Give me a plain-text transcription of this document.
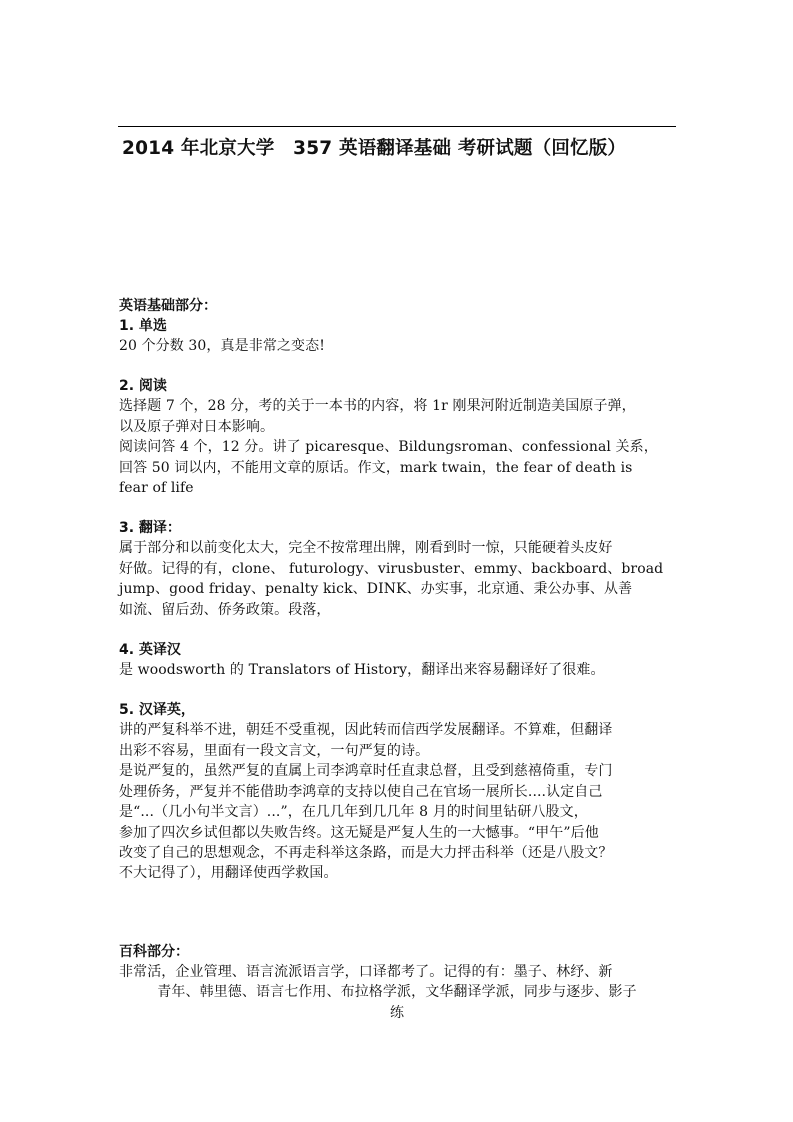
2014 年北京大学　357 英语翻译基础 考研试题（回忆版）
英语基础部分：
1. 单选
20 个分数 30，真是非常之变态!
2. 阅读
选择题 7 个，28 分，考的关于一本书的内容，将 1r 刚果河附近制造美国原子弹，
以及原子弹对日本影响。
阅读问答 4 个，12 分。讲了 picaresque、Bildungsroman、confessional 关系，
回答 50 词以内，不能用文章的原话。作文，mark twain，the fear of death is
fear of life
3. 翻译：
属于部分和以前变化太大，完全不按常理出牌，刚看到时一惊，只能硬着头皮好
好做。记得的有，clone、 futurology、virusbuster、emmy、backboard、broad
jump、good friday、penalty kick、DINK、办实事，北京通、秉公办事、从善
如流、留后劲、侨务政策。段落，
4. 英译汉
是 woodsworth 的 Translators of History，翻译出来容易翻译好了很难。
5. 汉译英，
讲的严复科举不进，朝廷不受重视，因此转而信西学发展翻译。不算难，但翻译
出彩不容易，里面有一段文言文，一句严复的诗。
是说严复的，虽然严复的直属上司李鸿章时任直隶总督，且受到慈禧倚重，专门
处理侨务，严复并不能借助李鸿章的支持以使自己在官场一展所长....认定自己
是“...（几小句半文言）...”，在几几年到几几年 8 月的时间里钻研八股文，
参加了四次乡试但都以失败告终。这无疑是严复人生的一大憾事。“甲午”后他
改变了自己的思想观念，不再走科举这条路，而是大力抨击科举（还是八股文？
不大记得了），用翻译使西学救国。
百科部分：
非常活，企业管理、语言流派语言学，口译都考了。记得的有：墨子、林纾、新
青年、韩里德、语言七作用、布拉格学派，文华翻译学派，同步与逐步、影子
练
